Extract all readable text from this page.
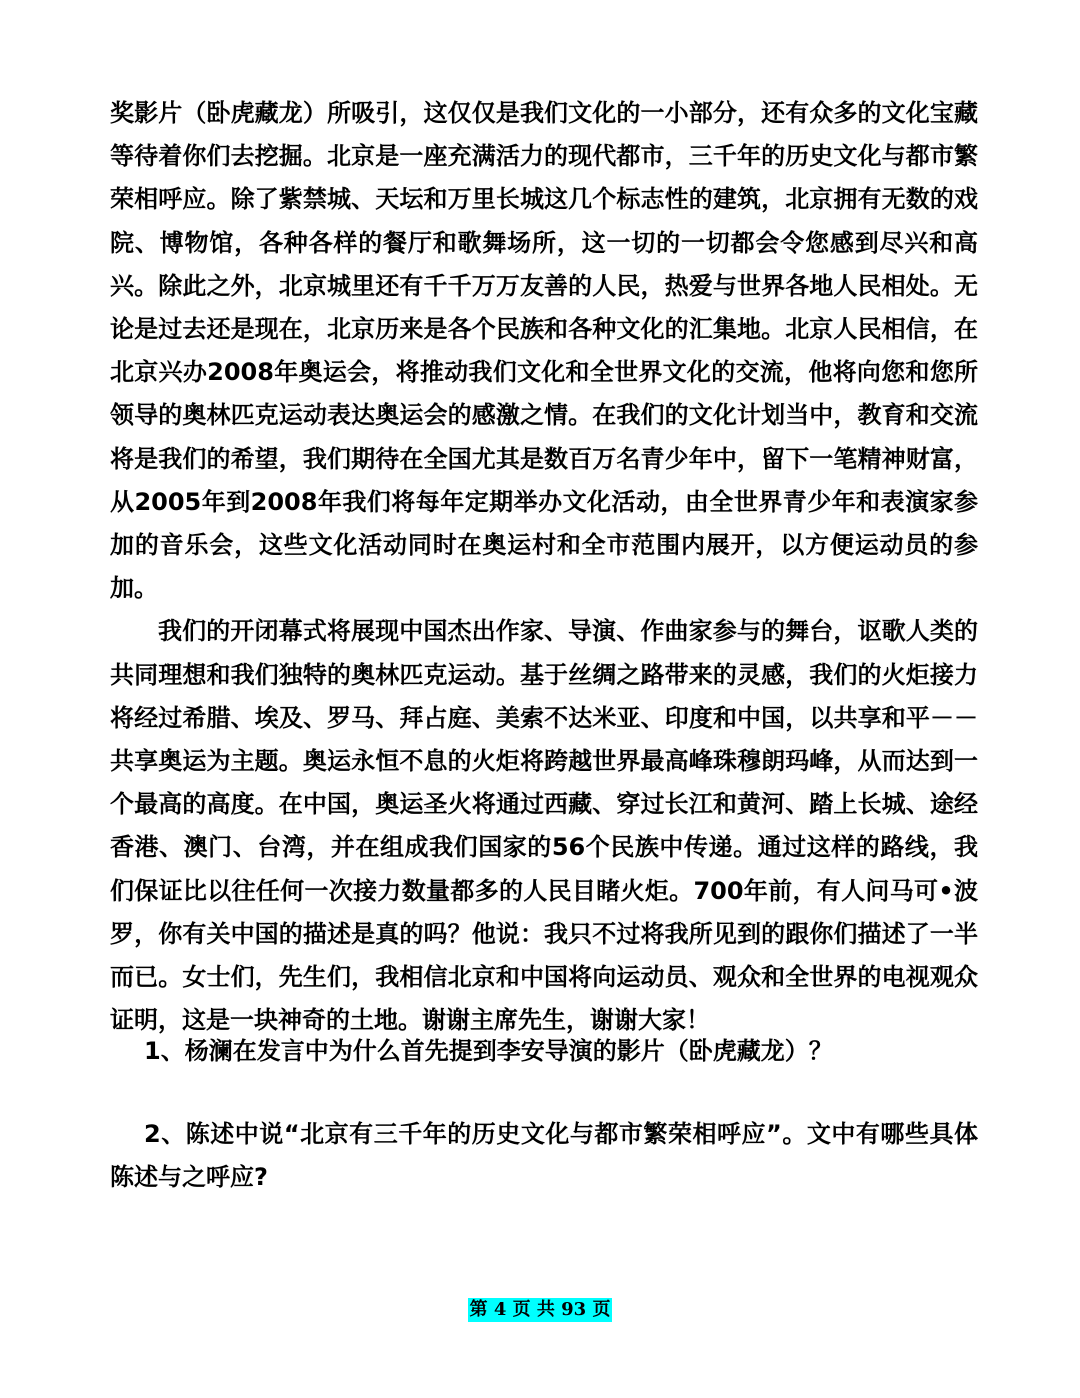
奖影片（卧虎藏龙）所吸引，这仅仅是我们文化的一小部分，还有众多的文化宝藏等待着你们去挖掘。北京是一座充满活力的现代都市，三千年的历史文化与都市繁荣相呼应。除了紫禁城、天坛和万里长城这几个标志性的建筑，北京拥有无数的戏院、博物馆，各种各样的餐厅和歌舞场所，这一切的一切都会令您感到尽兴和高兴。除此之外，北京城里还有千千万万友善的人民，热爱与世界各地人民相处。无论是过去还是现在，北京历来是各个民族和各种文化的汇集地。北京人民相信，在北京兴办2008年奥运会，将推动我们文化和全世界文化的交流，他将向您和您所领导的奥林匹克运动表达奥运会的感激之情。在我们的文化计划当中，教育和交流将是我们的希望，我们期待在全国尤其是数百万名青少年中，留下一笔精神财富，从2005年到2008年我们将每年定期举办文化活动，由全世界青少年和表演家参加的音乐会，这些文化活动同时在奥运村和全市范围内展开，以方便运动员的参加。

我们的开闭幕式将展现中国杰出作家、导演、作曲家参与的舞台，讴歌人类的共同理想和我们独特的奥林匹克运动。基于丝绸之路带来的灵感，我们的火炬接力将经过希腊、埃及、罗马、拜占庭、美索不达米亚、印度和中国，以共享和平－－共享奥运为主题。奥运永恒不息的火炬将跨越世界最高峰珠穆朗玛峰，从而达到一个最高的高度。在中国，奥运圣火将通过西藏、穿过长江和黄河、踏上长城、途经香港、澳门、台湾，并在组成我们国家的56个民族中传递。通过这样的路线，我们保证比以往任何一次接力数量都多的人民目睹火炬。700年前，有人问马可•波罗，你有关中国的描述是真的吗？他说：我只不过将我所见到的跟你们描述了一半而已。女士们，先生们，我相信北京和中国将向运动员、观众和全世界的电视观众证明，这是一块神奇的土地。谢谢主席先生，谢谢大家！

1、杨澜在发言中为什么首先提到李安导演的影片（卧虎藏龙）？
2、陈述中说“北京有三千年的历史文化与都市繁荣相呼应”。文中有哪些具体陈述与之呼应?
第 4 页 共 93 页
